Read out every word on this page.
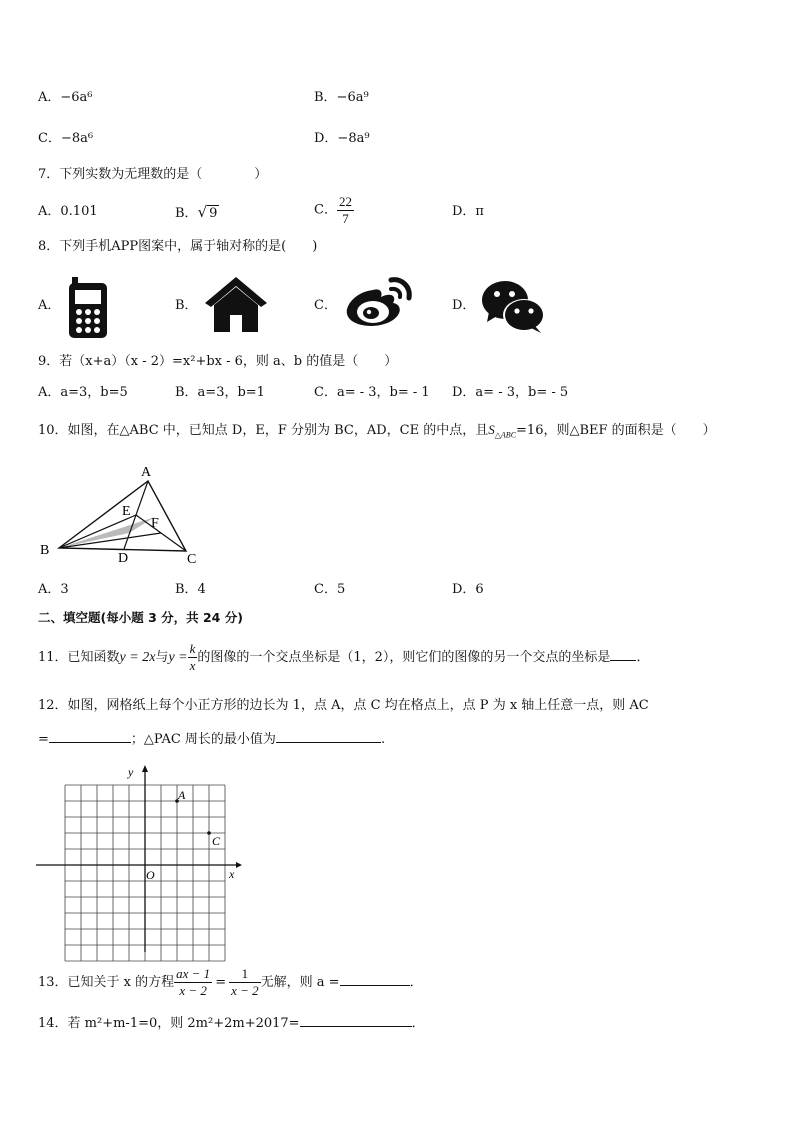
A．−6a⁶	B．−6a⁹
C．−8a⁶	D．−8a⁹
7．下列实数为无理数的是（　　　　）
A．0.101	B．√ 9	C． $\frac{22}{7}$	D．π
8．下列手机APP图案中，属于轴对称的是(　　)
A．	B．	C．	D．
9．若（x+a）（x - 2）=x²+bx - 6，则 a、b 的值是（　　）
A．a=3，b=5	B．a=3，b=1	C．a= - 3，b= - 1 D．a= - 3，b= - 5
10．如图，在△ABC 中，已知点 D，E，F 分别为 BC，AD，CE 的中点，且$S_{\triangle ABC}=16$，则△BEF 的面积是（　　）
A
B
C
D
E
F
A．3	B．4	C．5	D．6
二、填空题(每小题 3 分，共 24 分)
11．已知函数y = 2x与$y = \frac{k}{x}$ 的图像的一个交点坐标是（1，2），则它们的图像的另一个交点的坐标是 ．
12．如图，网格纸上每个小正方形的边长为 1，点 A，点 C 均在格点上，点 P 为 x 轴上任意一点，则 AC
=	；△PAC 周长的最小值为	.
A
C
O	x
y
13．已知关于 x 的方程 $\frac{ax - 1}{x - 2} = \frac{1}{x - 2}$ 无解，则 a =	．
14．若 m²+m-1=0，则 2m²+2m+2017=	．
